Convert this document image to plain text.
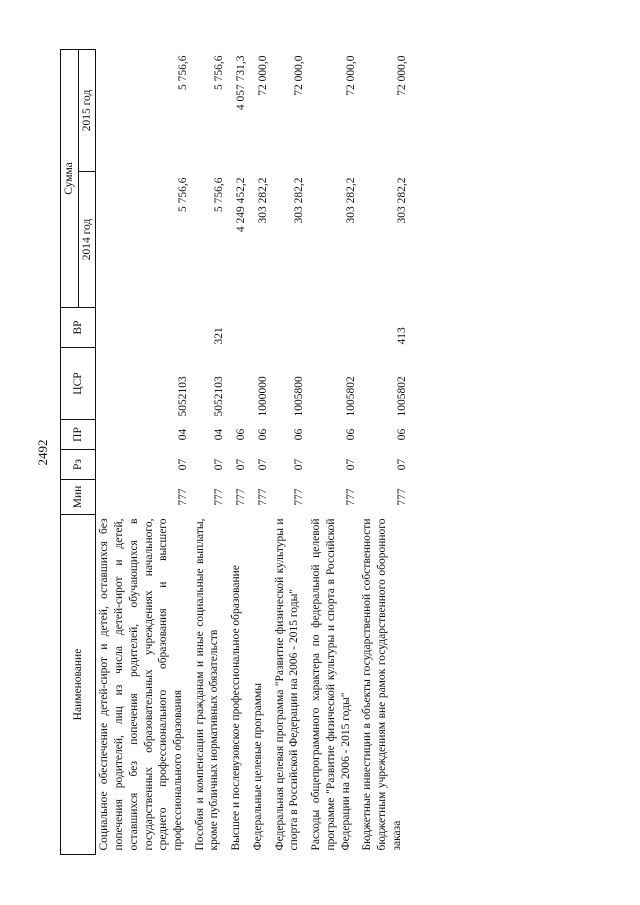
2492
Наименование	Мин	Рз	ПР	ЦСР	ВР	Сумма	
						2014 год	2015 год
Социальное обеспечение детей-сирот и детей, оставшихся без попечения родителей, лиц из числа детей-сирот и детей, оставшихся без попечения родителей, обучающихся в государственных образовательных учреждениях начального, среднего профессионального образования и высшего профессионального образования	777	07	04	5052103		5 756,6	5 756,6
Пособия и компенсации гражданам и иные социальные выплаты, кроме публичных нормативных обязательств	777	07	04	5052103	321	5 756,6	5 756,6
Высшее и послевузовское профессиональное образование	777	07	06			4 249 452,2	4 057 731,3
Федеральные целевые программы	777	07	06	1000000		303 282,2	72 000,0
Федеральная целевая программа "Развитие физической культуры и спорта в Российской Федерации на 2006 - 2015 годы"	777	07	06	1005800		303 282,2	72 000,0
Расходы общепрограммного характера по федеральной целевой программе "Развитие физической культуры и спорта в Российской Федерации на 2006 - 2015 годы"	777	07	06	1005802		303 282,2	72 000,0
Бюджетные инвестиции в объекты государственной собственности бюджетным учреждениям вне рамок государственного оборонного заказа	777	07	06	1005802	413	303 282,2	72 000,0
